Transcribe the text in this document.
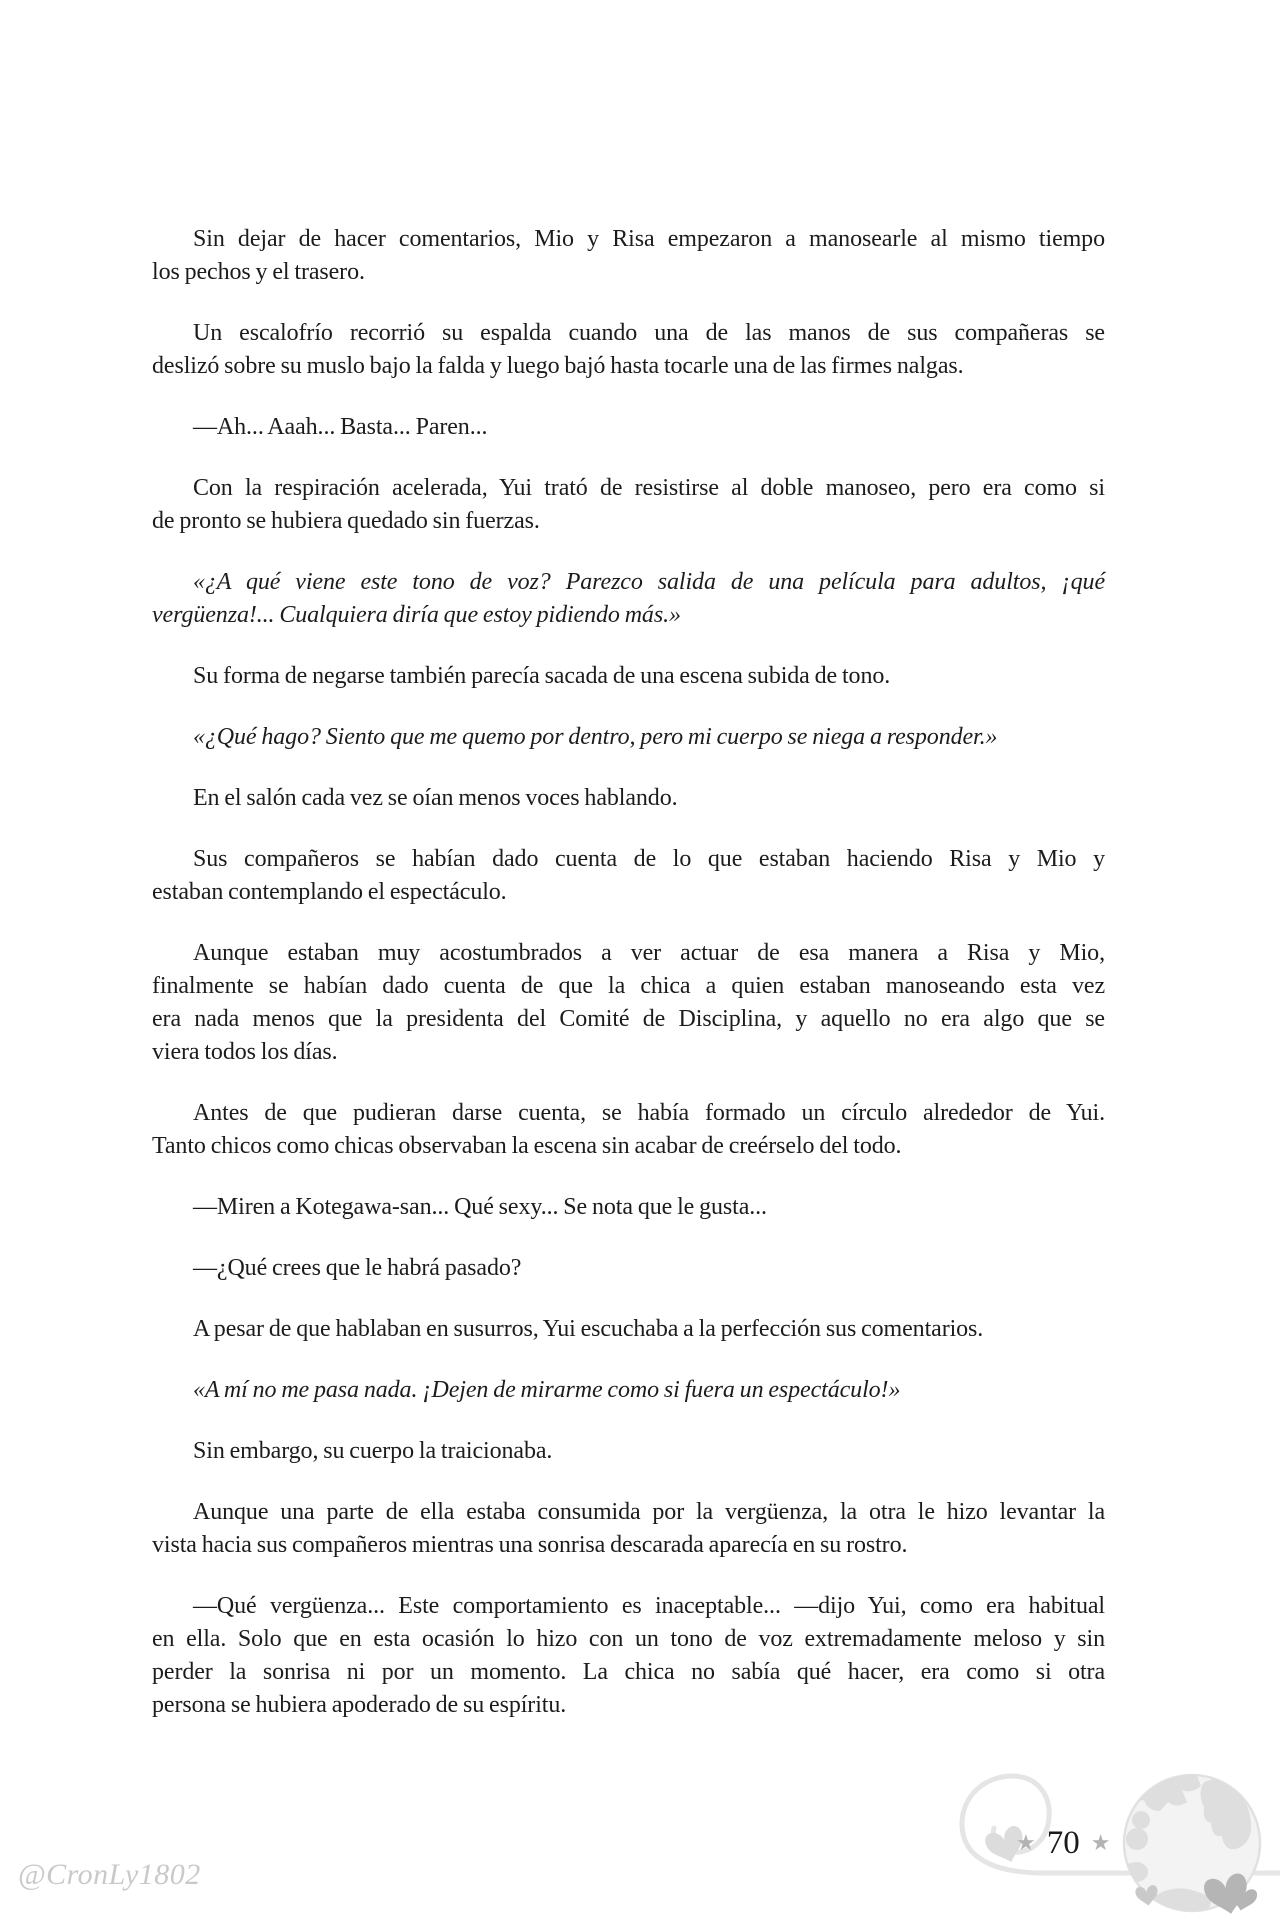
Sin dejar de hacer comentarios, Mio y Risa empezaron a manosearle al mismo tiempo
los pechos y el trasero.
Un escalofrío recorrió su espalda cuando una de las manos de sus compañeras se
deslizó sobre su muslo bajo la falda y luego bajó hasta tocarle una de las firmes nalgas.
—Ah... Aaah... Basta... Paren...
Con la respiración acelerada, Yui trató de resistirse al doble manoseo, pero era como si
de pronto se hubiera quedado sin fuerzas.
«¿A qué viene este tono de voz? Parezco salida de una película para adultos, ¡qué
vergüenza!... Cualquiera diría que estoy pidiendo más.»
Su forma de negarse también parecía sacada de una escena subida de tono.
«¿Qué hago? Siento que me quemo por dentro, pero mi cuerpo se niega a responder.»
En el salón cada vez se oían menos voces hablando.
Sus compañeros se habían dado cuenta de lo que estaban haciendo Risa y Mio y
estaban contemplando el espectáculo.
Aunque estaban muy acostumbrados a ver actuar de esa manera a Risa y Mio,
finalmente se habían dado cuenta de que la chica a quien estaban manoseando esta vez
era nada menos que la presidenta del Comité de Disciplina, y aquello no era algo que se
viera todos los días.
Antes de que pudieran darse cuenta, se había formado un círculo alrededor de Yui.
Tanto chicos como chicas observaban la escena sin acabar de creérselo del todo.
—Miren a Kotegawa-san... Qué sexy... Se nota que le gusta...
—¿Qué crees que le habrá pasado?
A pesar de que hablaban en susurros, Yui escuchaba a la perfección sus comentarios.
«A mí no me pasa nada. ¡Dejen de mirarme como si fuera un espectáculo!»
Sin embargo, su cuerpo la traicionaba.
Aunque una parte de ella estaba consumida por la vergüenza, la otra le hizo levantar la
vista hacia sus compañeros mientras una sonrisa descarada aparecía en su rostro.
—Qué vergüenza... Este comportamiento es inaceptable... —dijo Yui, como era habitual
en ella. Solo que en esta ocasión lo hizo con un tono de voz extremadamente meloso y sin
perder la sonrisa ni por un momento. La chica no sabía qué hacer, era como si otra
persona se hubiera apoderado de su espíritu.
@CronLy1802
★ 70 ★
